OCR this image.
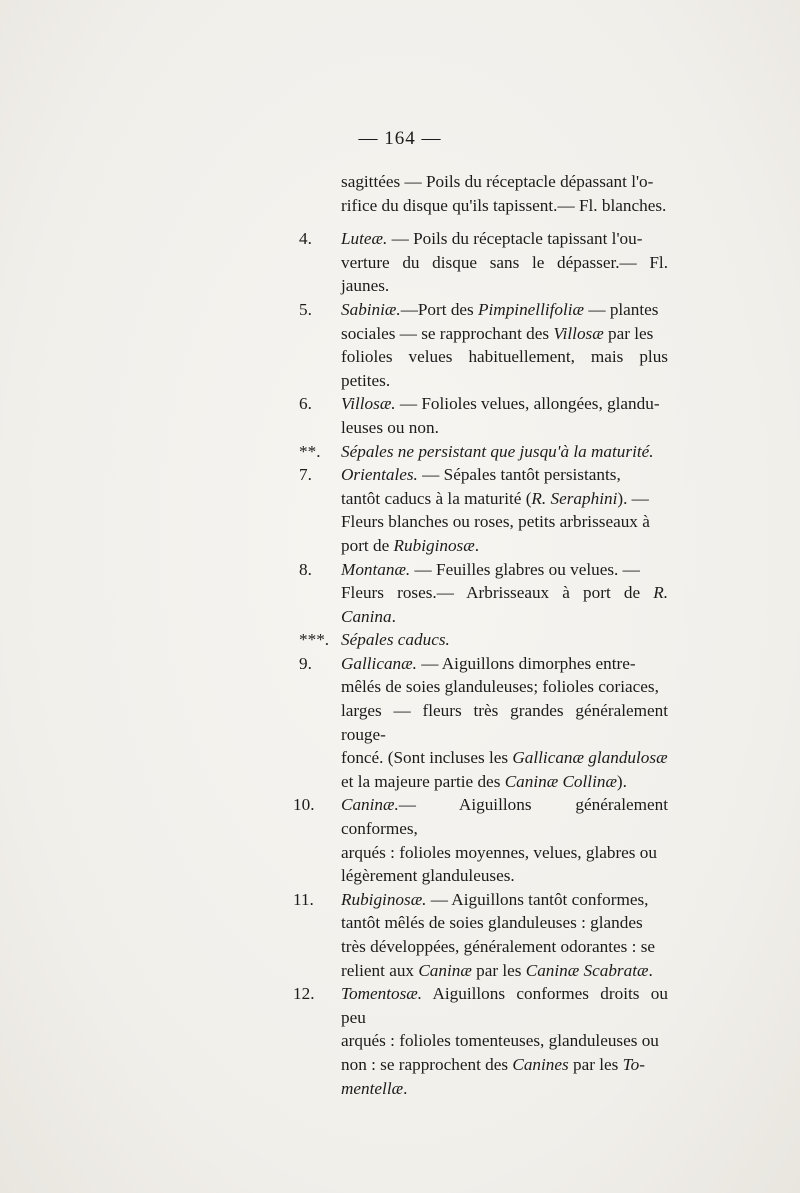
— 164 —

sagittées — Poils du réceptacle dépassant l'o-

rifice du disque qu'ils tapissent.— Fl. blanches.

4.	Luteæ. — Poils du réceptacle tapissant l'ou-

verture du disque sans le dépasser.— Fl. jaunes.

5.	Sabiniæ.—Port des Pimpinellifoliæ — plantes

sociales — se rapprochant des Villosæ par les

folioles velues habituellement, mais plus petites.

6.	Villosæ. — Folioles velues, allongées, glandu-

leuses ou non.

**.	Sépales ne persistant que jusqu'à la maturité.

7.	Orientales. — Sépales tantôt persistants,

tantôt caducs à la maturité (R. Seraphini). —

Fleurs blanches ou roses, petits arbrisseaux à

port de Rubiginosæ.

8.	Montanæ. — Feuilles glabres ou velues. —

Fleurs roses.— Arbrisseaux à port de R. Canina.

***. Sépales caducs.

9.	Gallicanæ. — Aiguillons dimorphes entre-

mêlés de soies glanduleuses; folioles coriaces,

larges — fleurs très grandes généralement rouge-

foncé. (Sont incluses les Gallicanæ glandulosæ

et la majeure partie des Caninæ Collinæ).

10.	Caninæ.— Aiguillons généralement conformes,

arqués : folioles moyennes, velues, glabres ou

légèrement glanduleuses.

11.	Rubiginosæ. — Aiguillons tantôt conformes,

tantôt mêlés de soies glanduleuses : glandes

très développées, généralement odorantes : se

relient aux Caninæ par les Caninæ Scabratæ.

12.	Tomentosæ. Aiguillons conformes droits ou peu

arqués : folioles tomenteuses, glanduleuses ou

non : se rapprochent des Canines par les To-

mentellæ.
